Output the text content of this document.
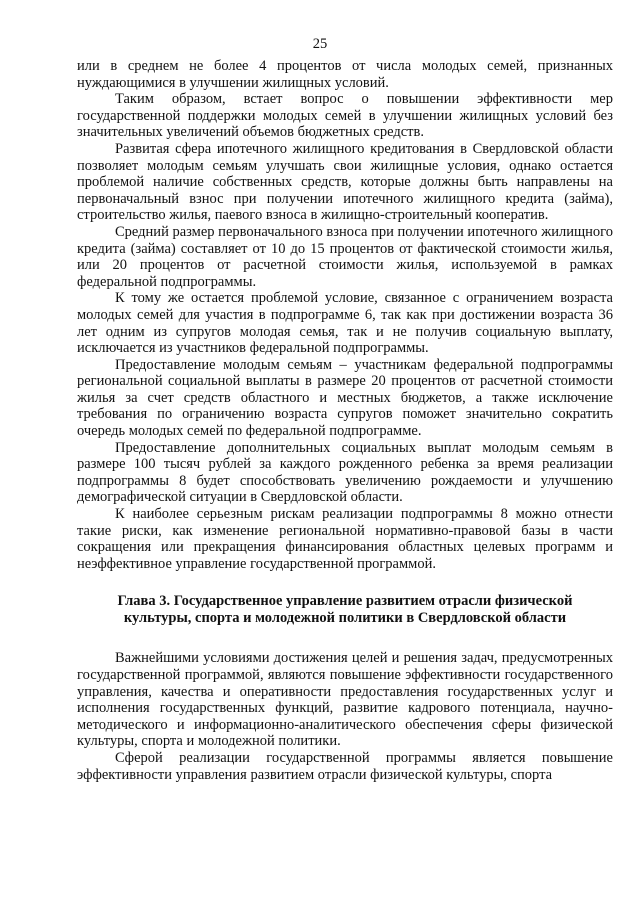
25

или в среднем не более 4 процентов от числа молодых семей, признанных нуждающимися в улучшении жилищных условий.

Таким образом, встает вопрос о повышении эффективности мер государственной поддержки молодых семей в улучшении жилищных условий без значительных увеличений объемов бюджетных средств.

Развитая сфера ипотечного жилищного кредитования в Свердловской области позволяет молодым семьям улучшать свои жилищные условия, однако остается проблемой наличие собственных средств, которые должны быть направлены на первоначальный взнос при получении ипотечного жилищного кредита (займа), строительство жилья, паевого взноса в жилищно-строительный кооператив.

Средний размер первоначального взноса при получении ипотечного жилищного кредита (займа) составляет от 10 до 15 процентов от фактической стоимости жилья, или 20 процентов от расчетной стоимости жилья, используемой в рамках федеральной подпрограммы.

К тому же остается проблемой условие, связанное с ограничением возраста молодых семей для участия в подпрограмме 6, так как при достижении возраста 36 лет одним из супругов молодая семья, так и не получив социальную выплату, исключается из участников федеральной подпрограммы.

Предоставление молодым семьям – участникам федеральной подпрограммы региональной социальной выплаты в размере 20 процентов от расчетной стоимости жилья за счет средств областного и местных бюджетов, а также исключение требования по ограничению возраста супругов поможет значительно сократить очередь молодых семей по федеральной подпрограмме.

Предоставление дополнительных социальных выплат молодым семьям в размере 100 тысяч рублей за каждого рожденного ребенка за время реализации подпрограммы 8 будет способствовать увеличению рождаемости и улучшению демографической ситуации в Свердловской области.

К наиболее серьезным рискам реализации подпрограммы 8 можно отнести такие риски, как изменение региональной нормативно-правовой базы в части сокращения или прекращения финансирования областных целевых программ и неэффективное управление государственной программой.

Глава 3. Государственное управление развитием отрасли физической
культуры, спорта и молодежной политики в Свердловской области

Важнейшими условиями достижения целей и решения задач, предусмотренных государственной программой, являются повышение эффективности государственного управления, качества и оперативности предоставления государственных услуг и исполнения государственных функций, развитие кадрового потенциала, научно-методического и информационно-аналитического обеспечения сферы физической культуры, спорта и молодежной политики.

Сферой реализации государственной программы является повышение эффективности управления развитием отрасли физической культуры, спорта
